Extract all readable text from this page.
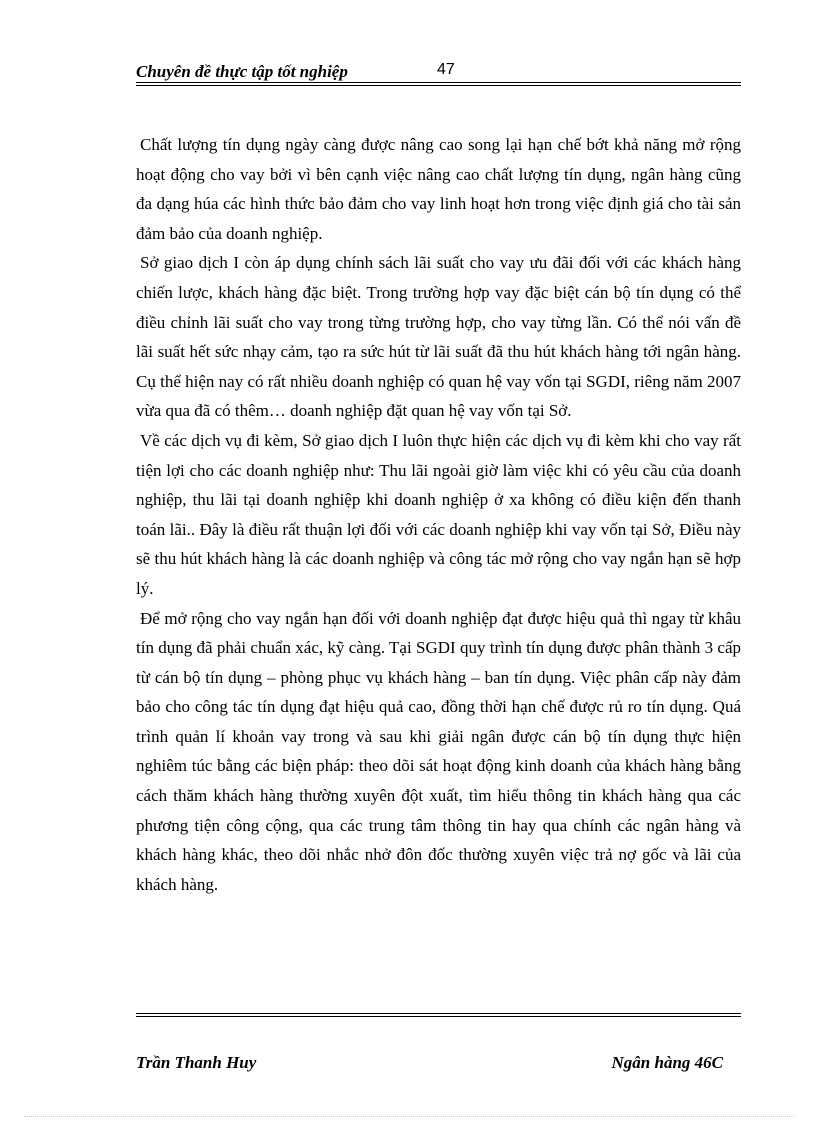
Chuyên đề thực tập tốt nghiệp	47

Chất lượng tín dụng ngày càng được nâng cao song lại hạn chế bớt khả năng mở rộng hoạt động cho vay bởi vì bên cạnh việc nâng cao chất lượng tín dụng, ngân hàng cũng đa dạng húa các hình thức bảo đảm cho vay linh hoạt hơn trong việc định giá cho tài sản đảm bảo của doanh nghiệp.

Sở giao dịch I còn áp dụng chính sách lãi suất cho vay ưu đãi đối với các khách hàng chiến lược, khách hàng đặc biệt. Trong trường hợp vay đặc biệt cán bộ tín dụng có thể điều chỉnh lãi suất cho vay trong từng trường hợp, cho vay từng lần. Có thể nói vấn đề lãi suất hết sức nhạy cảm, tạo ra sức hút từ lãi suất đã thu hút khách hàng tới ngân hàng. Cụ thể hiện nay có rất nhiều doanh nghiệp có quan hệ vay vốn tại SGDI, riêng năm 2007 vừa qua đã có thêm… doanh nghiệp đặt quan hệ vay vốn tại Sở.

Về các dịch vụ đi kèm, Sở giao dịch I luôn thực hiện các dịch vụ đi kèm khi cho vay rất tiện lợi cho các doanh nghiệp như: Thu lãi ngoài giờ làm việc khi có yêu cầu của doanh nghiệp, thu lãi tại doanh nghiệp khi doanh nghiệp ở xa không có điều kiện đến thanh toán lãi.. Đây là điều rất thuận lợi đối với các doanh nghiệp khi vay vốn tại Sở, Điều này sẽ thu hút khách hàng là các doanh nghiệp và công tác mở rộng cho vay ngắn hạn sẽ hợp lý.

Để mở rộng cho vay ngắn hạn đối với doanh nghiệp đạt được hiệu quả thì ngay từ khâu tín dụng đã phải chuẩn xác, kỹ càng. Tại SGDI quy trình tín dụng được phân thành 3 cấp từ cán bộ tín dụng – phòng phục vụ khách hàng – ban tín dụng. Việc phân cấp này đảm bảo cho công tác tín dụng đạt hiệu quả cao, đồng thời hạn chế được rủ ro tín dụng. Quá trình quản lí khoản vay trong và sau khi giải ngân được cán bộ tín dụng thực hiện nghiêm túc bằng các biện pháp: theo dõi sát hoạt động kinh doanh của khách hàng bằng cách thăm khách hàng thường xuyên đột xuất, tìm hiểu thông tin khách hàng qua các phương tiện công cộng, qua các trung tâm thông tin hay qua chính các ngân hàng và khách hàng khác, theo dõi nhắc nhở đôn đốc thường xuyên việc trả nợ gốc và lãi của khách hàng.

Trần Thanh Huy	Ngân hàng 46C
